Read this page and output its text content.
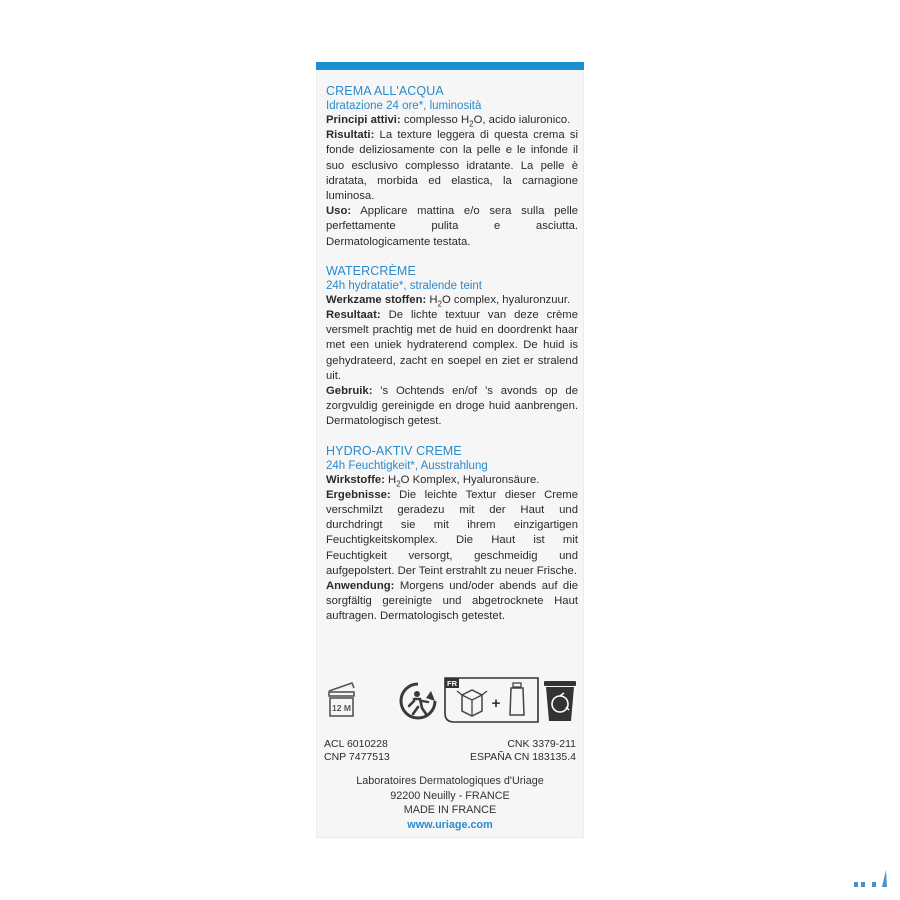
CREMA ALL'ACQUA
Idratazione 24 ore*, luminosità
Principi attivi: complesso $H_2O$, acido ialuronico.
Risultati: La texture leggera di questa crema si fonde deliziosamente con la pelle e le infonde il suo esclusivo complesso idratante. La pelle è idratata, morbida ed elastica, la carnagione luminosa.
Uso: Applicare mattina e/o sera sulla pelle perfettamente pulita e asciutta. Dermatologicamente testata.
WATERCRÈME
24h hydratatie*, stralende teint
Werkzame stoffen: $H_2O$ complex, hyaluronzuur.
Resultaat: De lichte textuur van deze crème versmelt prachtig met de huid en doordrenkt haar met een uniek hydraterend complex. De huid is gehydrateerd, zacht en soepel en ziet er stralend uit.
Gebruik: 's Ochtends en/of 's avonds op de zorgvuldig gereinigde en droge huid aanbrengen. Dermatologisch getest.
HYDRO-AKTIV CREME
24h Feuchtigkeit*, Ausstrahlung
Wirkstoffe: $H_2O$ Komplex, Hyaluronsäure.
Ergebnisse: Die leichte Textur dieser Creme verschmilzt geradezu mit der Haut und durchdringt sie mit ihrem einzigartigen Feuchtigkeitskomplex. Die Haut ist mit Feuchtigkeit versorgt, geschmeidig und aufgepolstert. Der Teint erstrahlt zu neuer Frische.
Anwendung: Morgens und/oder abends auf die sorgfältig gereinigte und abgetrocknete Haut auftragen. Dermatologisch getestet.
12 M
FR
+
ACL 6010228
CNP 7477513
CNK 3379-211
ESPAÑA CN 183135.4
Laboratoires Dermatologiques d'Uriage
92200 Neuilly - FRANCE
MADE IN FRANCE
www.uriage.com
